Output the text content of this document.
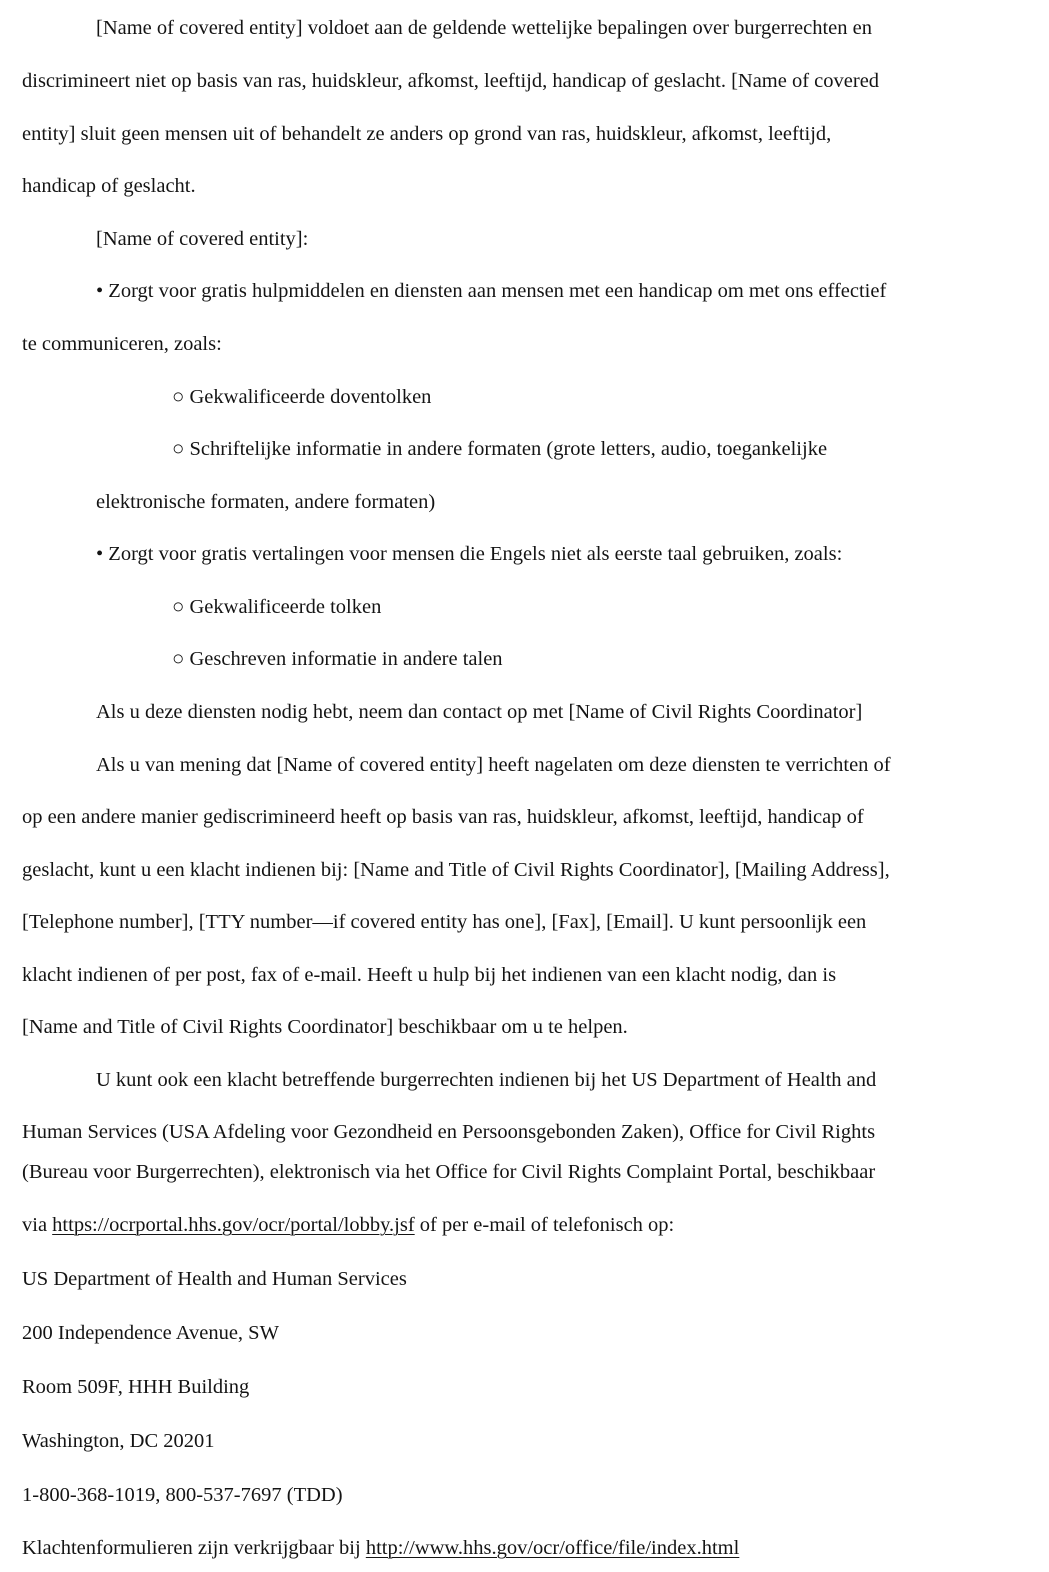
[Name of covered entity] voldoet aan de geldende wettelijke bepalingen over burgerrechten en
discrimineert niet op basis van ras, huidskleur, afkomst, leeftijd, handicap of geslacht. [Name of covered
entity] sluit geen mensen uit of behandelt ze anders op grond van ras, huidskleur, afkomst, leeftijd,
handicap of geslacht.
[Name of covered entity]:
• Zorgt voor gratis hulpmiddelen en diensten aan mensen met een handicap om met ons effectief
te communiceren, zoals:
○ Gekwalificeerde doventolken
○ Schriftelijke informatie in andere formaten (grote letters, audio, toegankelijke
elektronische formaten, andere formaten)
• Zorgt voor gratis vertalingen voor mensen die Engels niet als eerste taal gebruiken, zoals:
○ Gekwalificeerde tolken
○ Geschreven informatie in andere talen
Als u deze diensten nodig hebt, neem dan contact op met [Name of Civil Rights Coordinator]
Als u van mening dat [Name of covered entity] heeft nagelaten om deze diensten te verrichten of
op een andere manier gediscrimineerd heeft op basis van ras, huidskleur, afkomst, leeftijd, handicap of
geslacht, kunt u een klacht indienen bij: [Name and Title of Civil Rights Coordinator], [Mailing Address],
[Telephone number], [TTY number—if covered entity has one], [Fax], [Email]. U kunt persoonlijk een
klacht indienen of per post, fax of e-mail. Heeft u hulp bij het indienen van een klacht nodig, dan is
[Name and Title of Civil Rights Coordinator] beschikbaar om u te helpen.
U kunt ook een klacht betreffende burgerrechten indienen bij het US Department of Health and
Human Services (USA Afdeling voor Gezondheid en Persoonsgebonden Zaken), Office for Civil Rights
(Bureau voor Burgerrechten), elektronisch via het Office for Civil Rights Complaint Portal, beschikbaar
via https://ocrportal.hhs.gov/ocr/portal/lobby.jsf of per e-mail of telefonisch op:
US Department of Health and Human Services
200 Independence Avenue, SW
Room 509F, HHH Building
Washington, DC 20201
1-800-368-1019, 800-537-7697 (TDD)
Klachtenformulieren zijn verkrijgbaar bij http://www.hhs.gov/ocr/office/file/index.html
